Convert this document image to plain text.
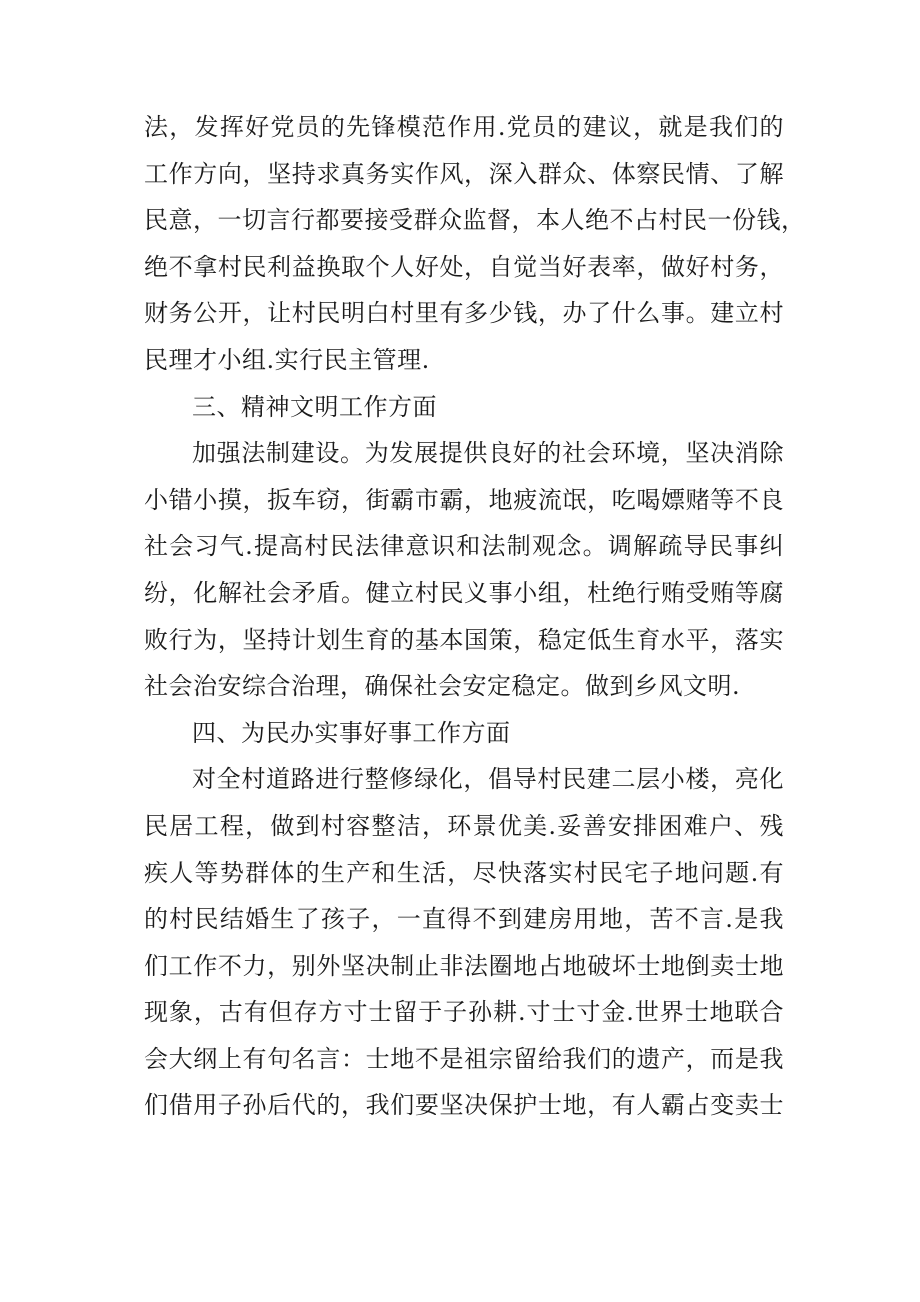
法，发挥好党员的先锋模范作用.党员的建议，就是我们的
工作方向，坚持求真务实作风，深入群众、体察民情、了解
民意，一切言行都要接受群众监督，本人绝不占村民一份钱，
绝不拿村民利益换取个人好处，自觉当好表率，做好村务，
财务公开，让村民明白村里有多少钱，办了什么事。建立村
民理才小组.实行民主管理.
三、精神文明工作方面
加强法制建设。为发展提供良好的社会环境，坚决消除
小错小摸，扳车窃，街霸市霸，地疲流氓，吃喝嫖赌等不良
社会习气.提高村民法律意识和法制观念。调解疏导民事纠
纷，化解社会矛盾。健立村民义事小组，杜绝行贿受贿等腐
败行为，坚持计划生育的基本国策，稳定低生育水平，落实
社会治安综合治理，确保社会安定稳定。做到乡风文明.
四、为民办实事好事工作方面
对全村道路进行整修绿化，倡导村民建二层小楼，亮化
民居工程，做到村容整洁，环景优美.妥善安排困难户、残
疾人等势群体的生产和生活，尽快落实村民宅子地问题.有
的村民结婚生了孩子，一直得不到建房用地，苦不言.是我
们工作不力，别外坚决制止非法圈地占地破坏士地倒卖士地
现象，古有但存方寸士留于子孙耕.寸士寸金.世界士地联合
会大纲上有句名言：士地不是祖宗留给我们的遗产，而是我
们借用子孙后代的，我们要坚决保护士地，有人霸占变卖士
